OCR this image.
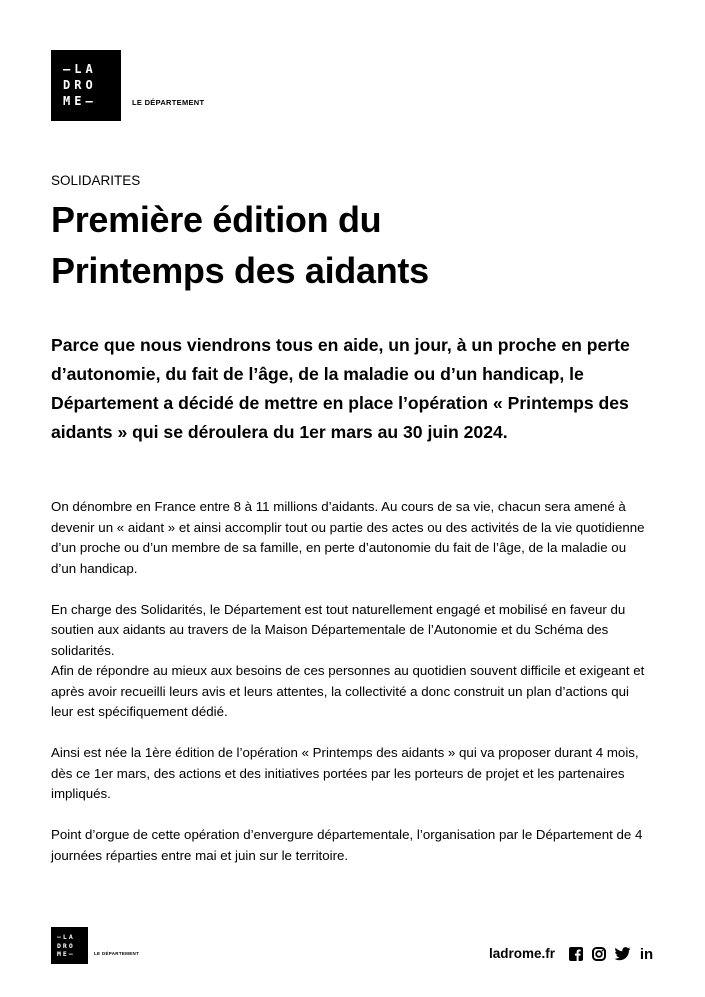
—LA
DRO
ME—	LE DÉPARTEMENT
SOLIDARITES
Première édition du
Printemps des aidants

Parce que nous viendrons tous en aide, un jour, à un proche en perte d’autonomie, du fait de l’âge, de la maladie ou d’un handicap, le Département a décidé de mettre en place l’opération « Printemps des aidants » qui se déroulera du 1er mars au 30 juin 2024.

On dénombre en France entre 8 à 11 millions d’aidants. Au cours de sa vie, chacun sera amené à devenir un « aidant » et ainsi accomplir tout ou partie des actes ou des activités de la vie quotidienne d’un proche ou d’un membre de sa famille, en perte d’autonomie du fait de l’âge, de la maladie ou d’un handicap.

En charge des Solidarités, le Département est tout naturellement engagé et mobilisé en faveur du soutien aux aidants au travers de la Maison Départementale de l’Autonomie et du Schéma des solidarités.
Afin de répondre au mieux aux besoins de ces personnes au quotidien souvent difficile et exigeant et après avoir recueilli leurs avis et leurs attentes, la collectivité a donc construit un plan d’actions qui leur est spécifiquement dédié.

Ainsi est née la 1ère édition de l’opération « Printemps des aidants » qui va proposer durant 4 mois, dès ce 1er mars, des actions et des initiatives portées par les porteurs de projet et les partenaires impliqués.

Point d’orgue de cette opération d’envergure départementale, l’organisation par le Département de 4 journées réparties entre mai et juin sur le territoire.

—LA
DRO
ME—	LE DÉPARTEMENT	ladrome.fr	in
